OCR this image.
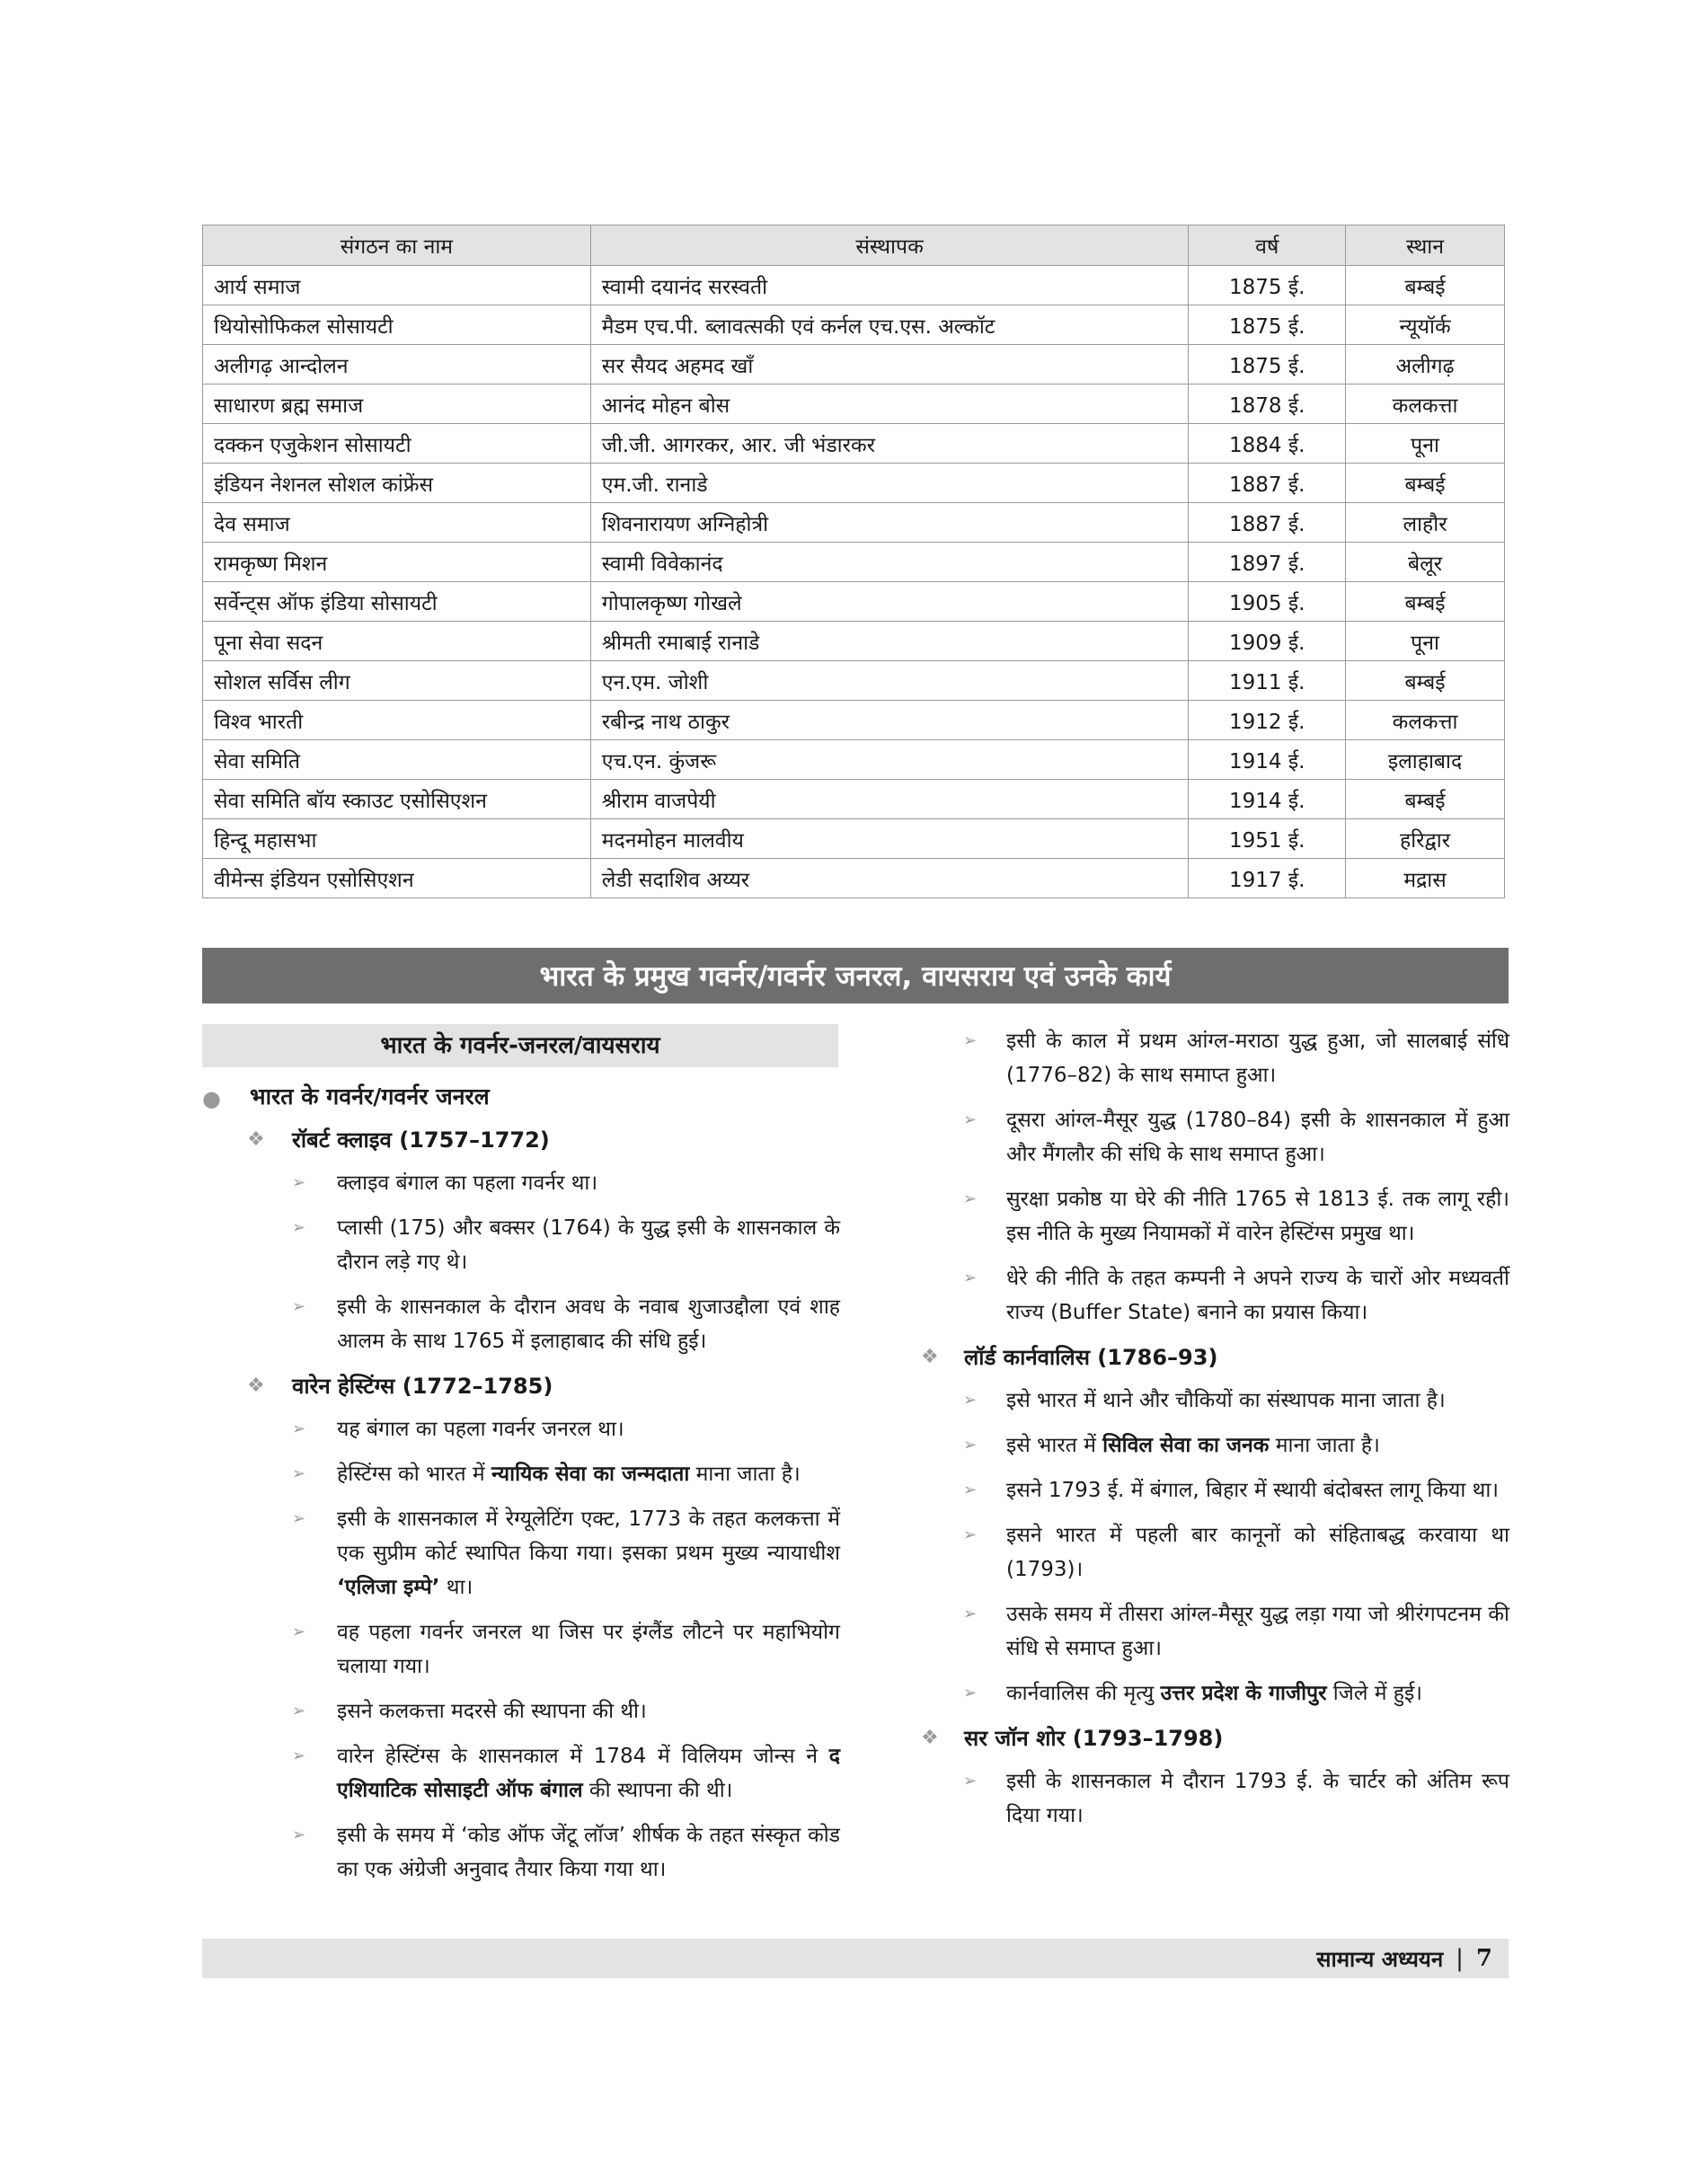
संगठन का नाम	संस्थापक	वर्ष	स्थान
आर्य समाज	स्वामी दयानंद सरस्वती	1875 ई.	बम्बई
थियोसोफिकल सोसायटी	मैडम एच.पी. ब्लावत्सकी एवं कर्नल एच.एस. अल्कॉट	1875 ई.	न्यूयॉर्क
अलीगढ़ आन्दोलन	सर सैयद अहमद खाँ	1875 ई.	अलीगढ़
साधारण ब्रह्म समाज	आनंद मोहन बोस	1878 ई.	कलकत्ता
दक्कन एजुकेशन सोसायटी	जी.जी. आगरकर, आर. जी भंडारकर	1884 ई.	पूना
इंडियन नेशनल सोशल कांफ्रेंस	एम.जी. रानाडे	1887 ई.	बम्बई
देव समाज	शिवनारायण अग्निहोत्री	1887 ई.	लाहौर
रामकृष्ण मिशन	स्वामी विवेकानंद	1897 ई.	बेलूर
सर्वेन्ट्स ऑफ इंडिया सोसायटी	गोपालकृष्ण गोखले	1905 ई.	बम्बई
पूना सेवा सदन	श्रीमती रमाबाई रानाडे	1909 ई.	पूना
सोशल सर्विस लीग	एन.एम. जोशी	1911 ई.	बम्बई
विश्व भारती	रबीन्द्र नाथ ठाकुर	1912 ई.	कलकत्ता
सेवा समिति	एच.एन. कुंजरू	1914 ई.	इलाहाबाद
सेवा समिति बॉय स्काउट एसोसिएशन	श्रीराम वाजपेयी	1914 ई.	बम्बई
हिन्दू महासभा	मदनमोहन मालवीय	1951 ई.	हरिद्वार
वीमेन्स इंडियन एसोसिएशन	लेडी सदाशिव अय्यर	1917 ई.	मद्रास
भारत के प्रमुख गवर्नर/गवर्नर जनरल, वायसराय एवं उनके कार्य
भारत के गवर्नर-जनरल/वायसराय
● भारत के गवर्नर/गवर्नर जनरल
❖ रॉबर्ट क्लाइव (1757–1772)
➢ क्लाइव बंगाल का पहला गवर्नर था।
➢ प्लासी (175) और बक्सर (1764) के युद्ध इसी के शासनकाल के दौरान लड़े गए थे।
➢ इसी के शासनकाल के दौरान अवध के नवाब शुजाउद्दौला एवं शाह आलम के साथ 1765 में इलाहाबाद की संधि हुई।
❖ वारेन हेस्टिंग्स (1772–1785)
➢ यह बंगाल का पहला गवर्नर जनरल था।
➢ हेस्टिंग्स को भारत में न्यायिक सेवा का जन्मदाता माना जाता है।
➢ इसी के शासनकाल में रेग्यूलेटिंग एक्ट, 1773 के तहत कलकत्ता में एक सुप्रीम कोर्ट स्थापित किया गया। इसका प्रथम मुख्य न्यायाधीश ‘एलिजा इम्पे’ था।
➢ वह पहला गवर्नर जनरल था जिस पर इंग्लैंड लौटने पर महाभियोग चलाया गया।
➢ इसने कलकत्ता मदरसे की स्थापना की थी।
➢ वारेन हेस्टिंग्स के शासनकाल में 1784 में विलियम जोन्स ने द एशियाटिक सोसाइटी ऑफ बंगाल की स्थापना की थी।
➢ इसी के समय में ‘कोड ऑफ जेंटू लॉज’ शीर्षक के तहत संस्कृत कोड का एक अंग्रेजी अनुवाद तैयार किया गया था।
➢ इसी के काल में प्रथम आंग्ल-मराठा युद्ध हुआ, जो सालबाई संधि (1776–82) के साथ समाप्त हुआ।
➢ दूसरा आंग्ल-मैसूर युद्ध (1780–84) इसी के शासनकाल में हुआ और मैंगलौर की संधि के साथ समाप्त हुआ।
➢ सुरक्षा प्रकोष्ठ या घेरे की नीति 1765 से 1813 ई. तक लागू रही। इस नीति के मुख्य नियामकों में वारेन हेस्टिंग्स प्रमुख था।
➢ धेरे की नीति के तहत कम्पनी ने अपने राज्य के चारों ओर मध्यवर्ती राज्य (Buffer State) बनाने का प्रयास किया।
❖ लॉर्ड कार्नवालिस (1786–93)
➢ इसे भारत में थाने और चौकियों का संस्थापक माना जाता है।
➢ इसे भारत में सिविल सेवा का जनक माना जाता है।
➢ इसने 1793 ई. में बंगाल, बिहार में स्थायी बंदोबस्त लागू किया था।
➢ इसने भारत में पहली बार कानूनों को संहिताबद्ध करवाया था (1793)।
➢ उसके समय में तीसरा आंग्ल-मैसूर युद्ध लड़ा गया जो श्रीरंगपटनम की संधि से समाप्त हुआ।
➢ कार्नवालिस की मृत्यु उत्तर प्रदेश के गाजीपुर जिले में हुई।
❖ सर जॉन शोर (1793–1798)
➢ इसी के शासनकाल मे दौरान 1793 ई. के चार्टर को अंतिम रूप दिया गया।
सामान्य अध्ययन | 7
